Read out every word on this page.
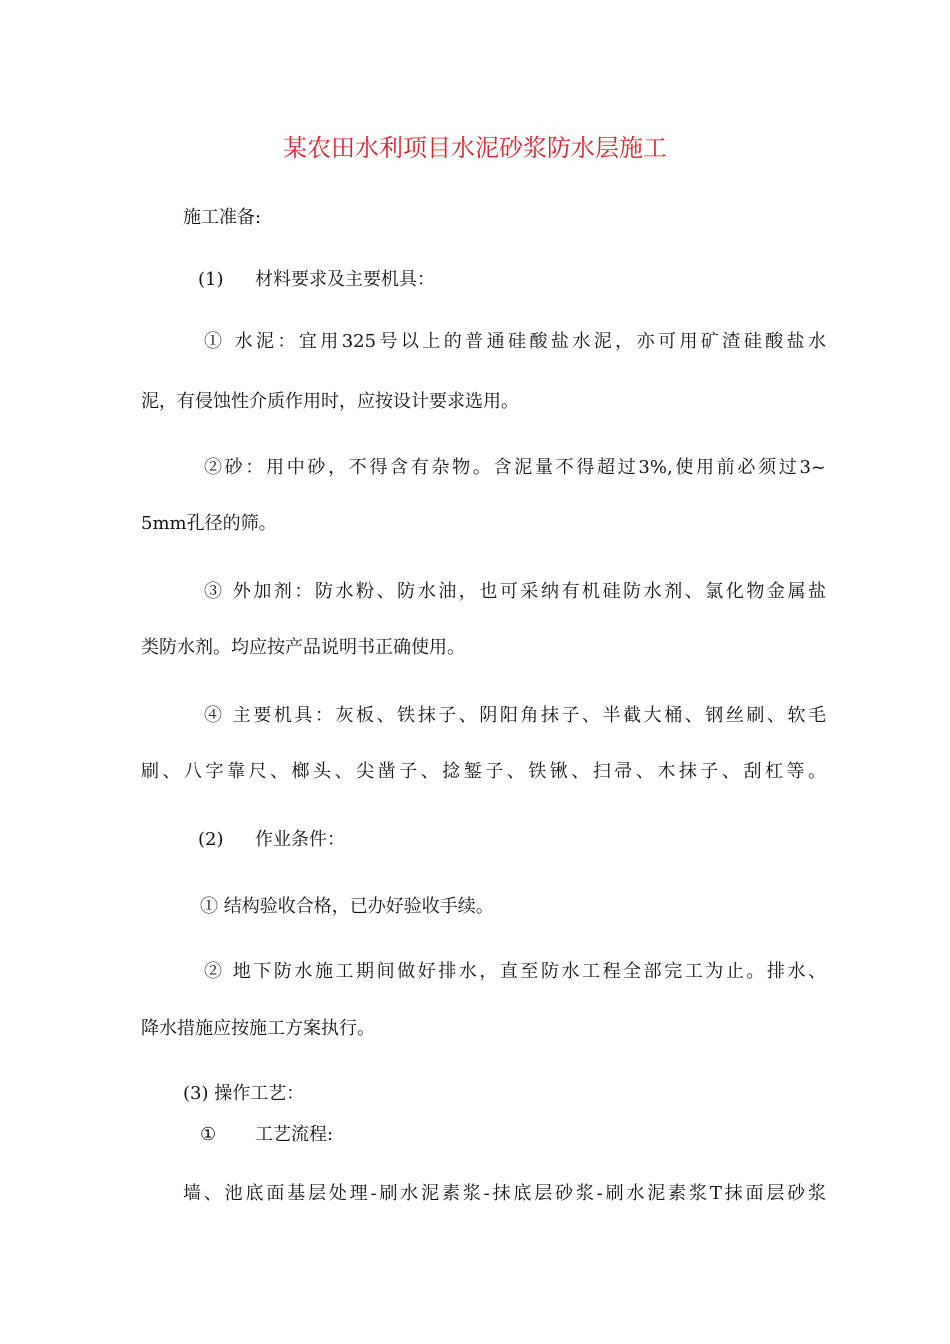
某农田水利项目水泥砂浆防水层施工
施工准备:
(1) 材料要求及主要机具：
① 水泥：宜用325号以上的普通硅酸盐水泥，亦可用矿渣硅酸盐水
泥，有侵蚀性介质作用时，应按设计要求选用。
②砂：用中砂，不得含有杂物。含泥量不得超过3%,使用前必须过3~
5mm孔径的筛。
③ 外加剂：防水粉、防水油，也可采纳有机硅防水剂、氯化物金属盐
类防水剂。均应按产品说明书正确使用。
④ 主要机具：灰板、铁抹子、阴阳角抹子、半截大桶、钢丝刷、软毛
刷、八字靠尺、榔头、尖凿子、捻錾子、铁锹、扫帚、木抹子、刮杠等。
(2) 作业条件：
① 结构验收合格，已办好验收手续。
② 地下防水施工期间做好排水，直至防水工程全部完工为止。排水、
降水措施应按施工方案执行。
(3) 操作工艺：
① 工艺流程:
墙、池底面基层处理-刷水泥素浆-抹底层砂浆-刷水泥素浆T抹面层砂浆
